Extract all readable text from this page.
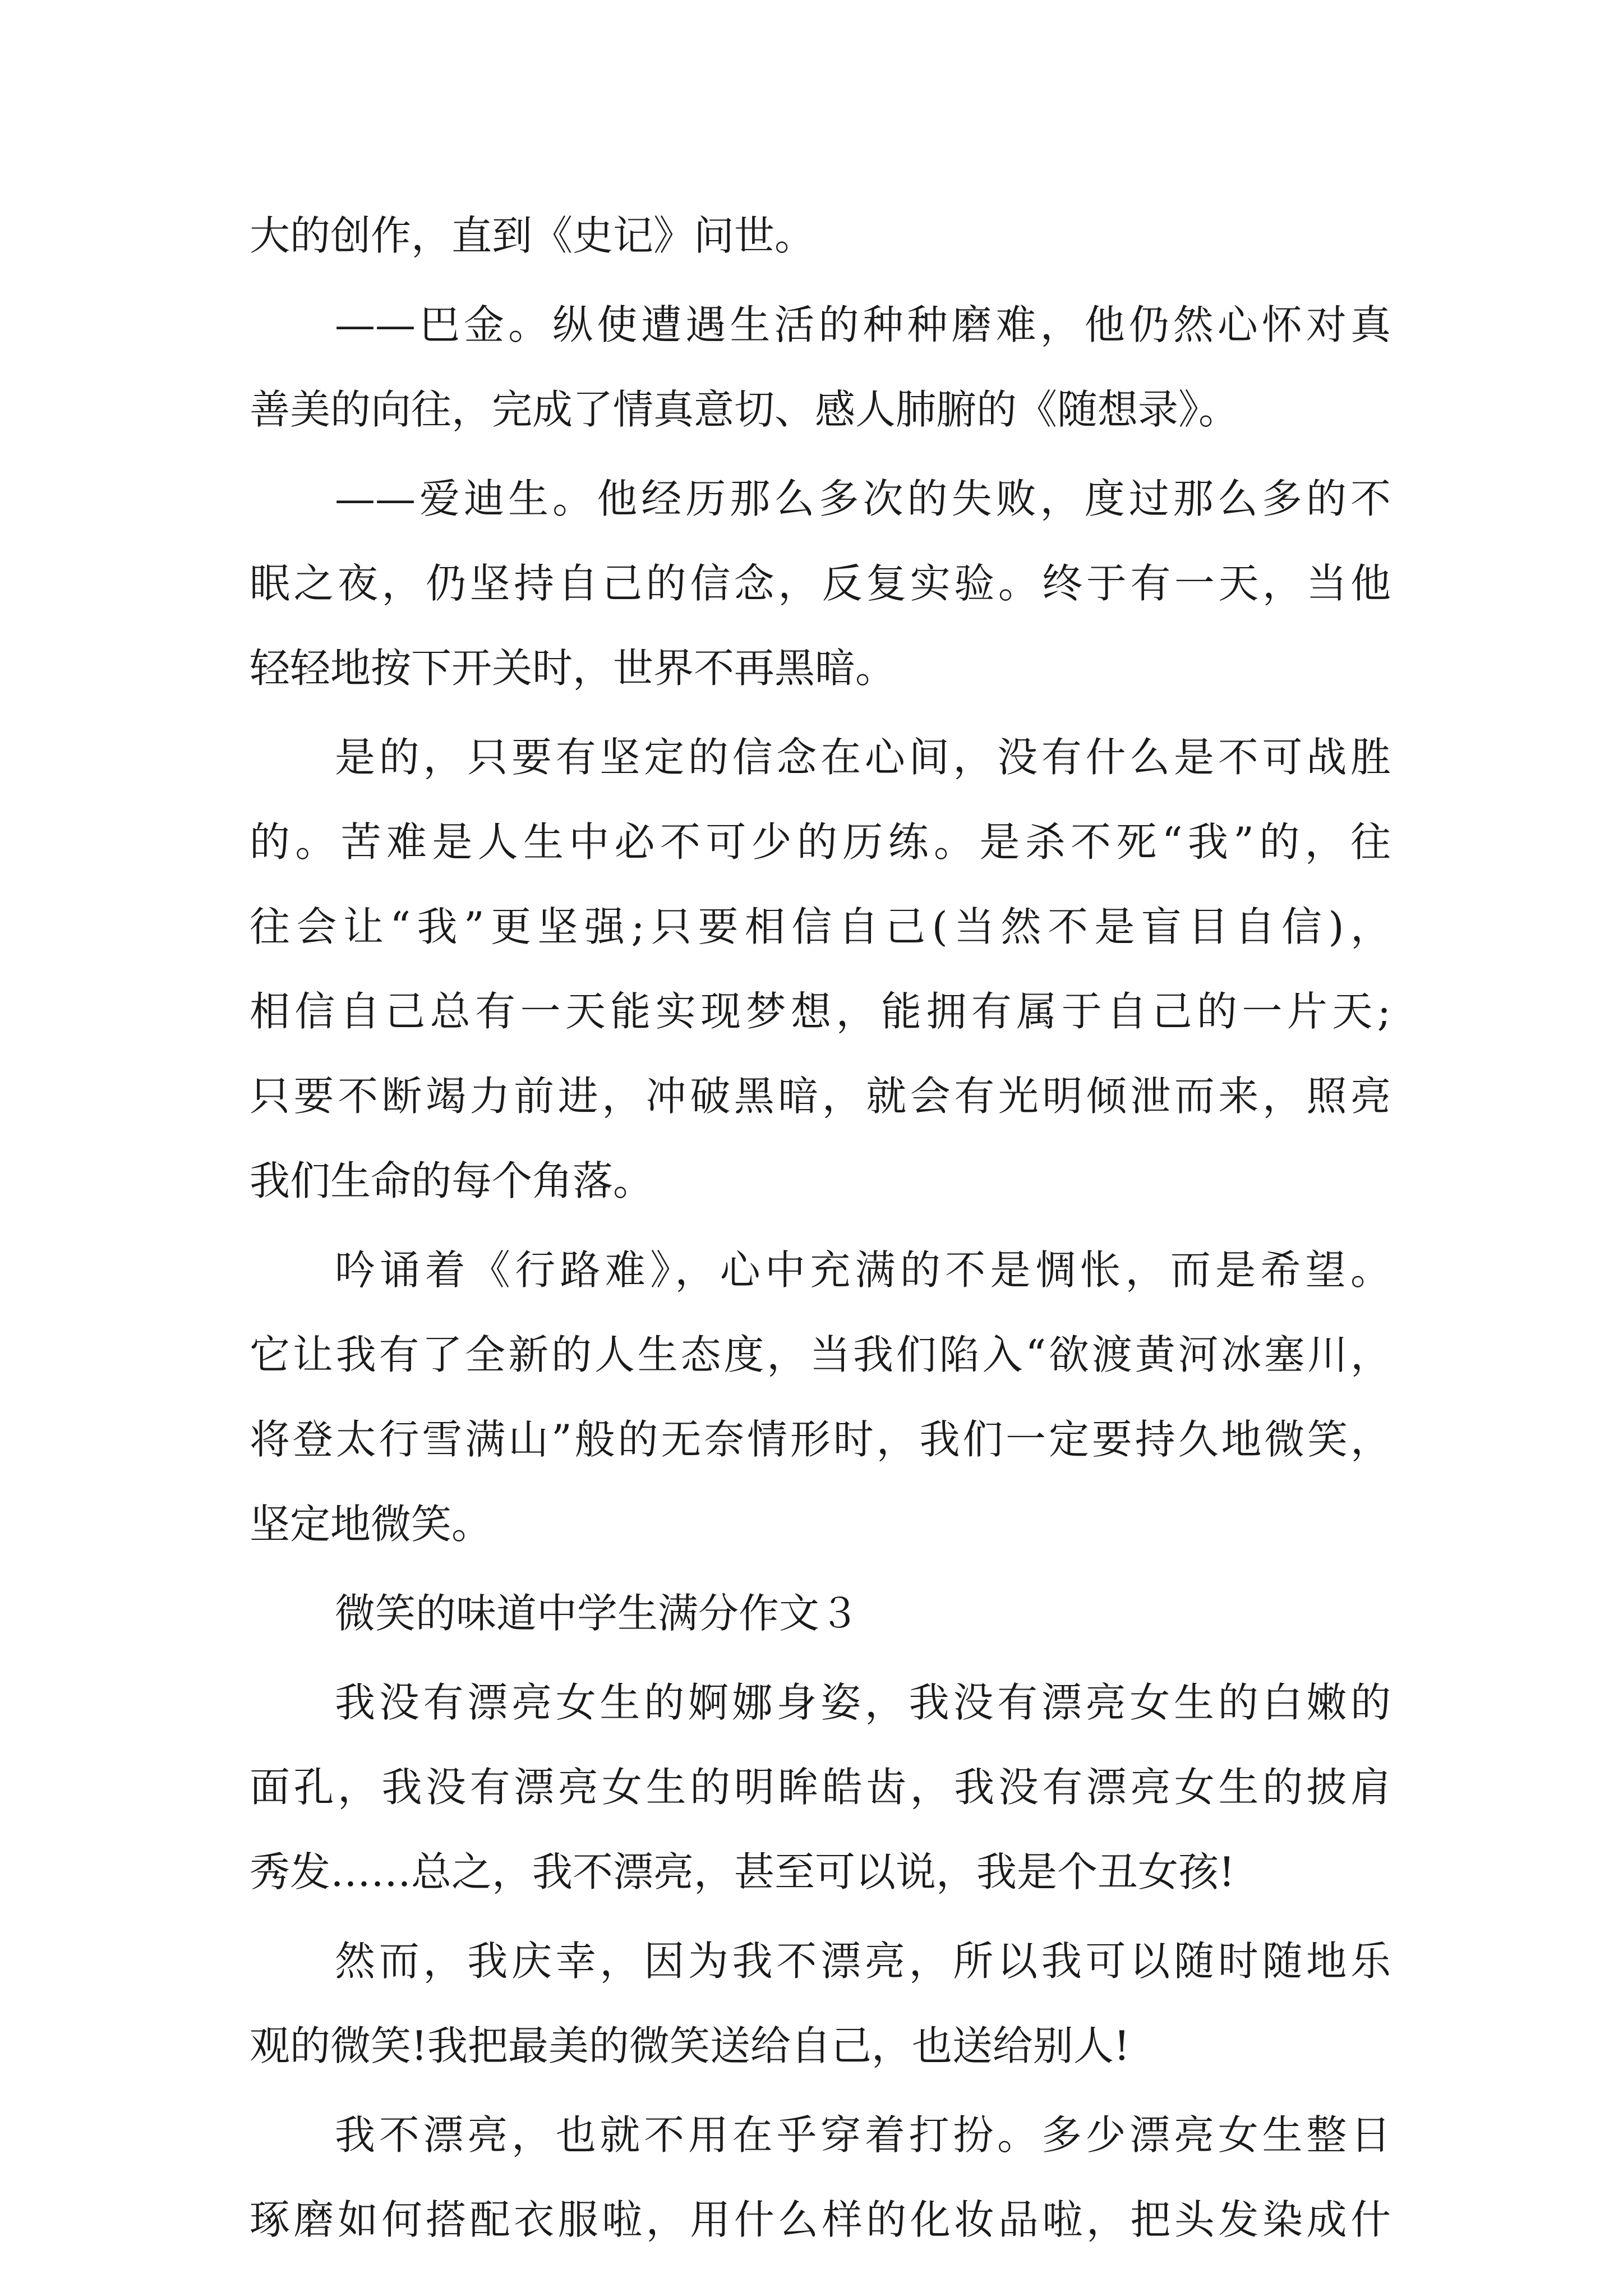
大的创作，直到《史记》问世。
——巴金。纵使遭遇生活的种种磨难，他仍然心怀对真
善美的向往，完成了情真意切、感人肺腑的《随想录》。
——爱迪生。他经历那么多次的失败，度过那么多的不
眠之夜，仍坚持自己的信念，反复实验。终于有一天，当他
轻轻地按下开关时，世界不再黑暗。
是的，只要有坚定的信念在心间，没有什么是不可战胜
的。苦难是人生中必不可少的历练。是杀不死“我”的，往
往会让“我”更坚强;只要相信自己(当然不是盲目自信)，
相信自己总有一天能实现梦想，能拥有属于自己的一片天;
只要不断竭力前进，冲破黑暗，就会有光明倾泄而来，照亮
我们生命的每个角落。
吟诵着《行路难》，心中充满的不是惆怅，而是希望。
它让我有了全新的人生态度，当我们陷入“欲渡黄河冰塞川，
将登太行雪满山”般的无奈情形时，我们一定要持久地微笑，
坚定地微笑。
微笑的味道中学生满分作文３
我没有漂亮女生的婀娜身姿，我没有漂亮女生的白嫩的
面孔，我没有漂亮女生的明眸皓齿，我没有漂亮女生的披肩
秀发……总之，我不漂亮，甚至可以说，我是个丑女孩!
然而，我庆幸，因为我不漂亮，所以我可以随时随地乐
观的微笑!我把最美的微笑送给自己，也送给别人!
我不漂亮，也就不用在乎穿着打扮。多少漂亮女生整日
琢磨如何搭配衣服啦，用什么样的化妆品啦，把头发染成什
